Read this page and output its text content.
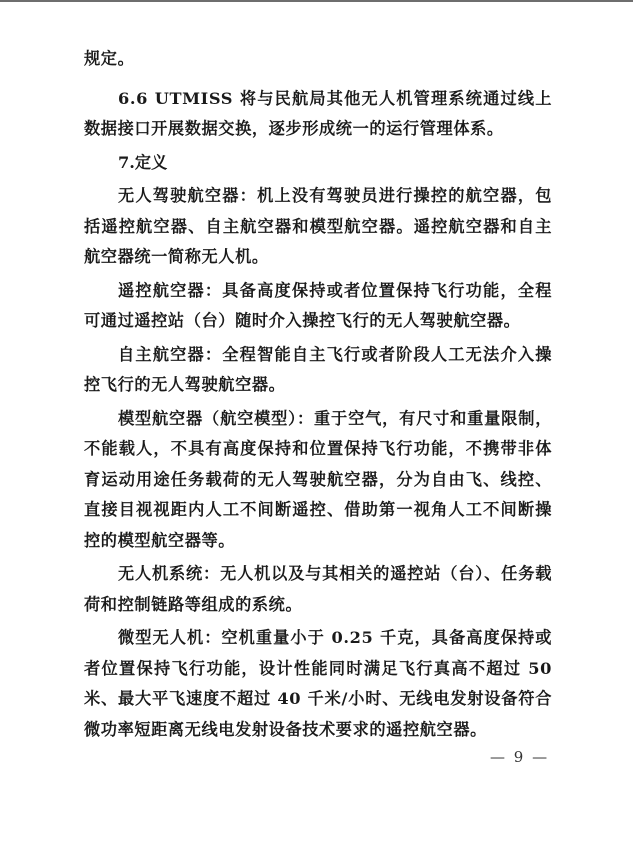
规定。

6.6 UTMISS 将与民航局其他无人机管理系统通过线上数据接口开展数据交换，逐步形成统一的运行管理体系。

7.定义

无人驾驶航空器：机上没有驾驶员进行操控的航空器，包括遥控航空器、自主航空器和模型航空器。遥控航空器和自主航空器统一简称无人机。

遥控航空器：具备高度保持或者位置保持飞行功能，全程可通过遥控站（台）随时介入操控飞行的无人驾驶航空器。

自主航空器：全程智能自主飞行或者阶段人工无法介入操控飞行的无人驾驶航空器。

模型航空器（航空模型）：重于空气，有尺寸和重量限制，不能载人，不具有高度保持和位置保持飞行功能，不携带非体育运动用途任务载荷的无人驾驶航空器，分为自由飞、线控、直接目视视距内人工不间断遥控、借助第一视角人工不间断操控的模型航空器等。

无人机系统：无人机以及与其相关的遥控站（台）、任务载荷和控制链路等组成的系统。

微型无人机：空机重量小于 0.25 千克，具备高度保持或者位置保持飞行功能，设计性能同时满足飞行真高不超过 50 米、最大平飞速度不超过 40 千米/小时、无线电发射设备符合微功率短距离无线电发射设备技术要求的遥控航空器。

— 9 —
